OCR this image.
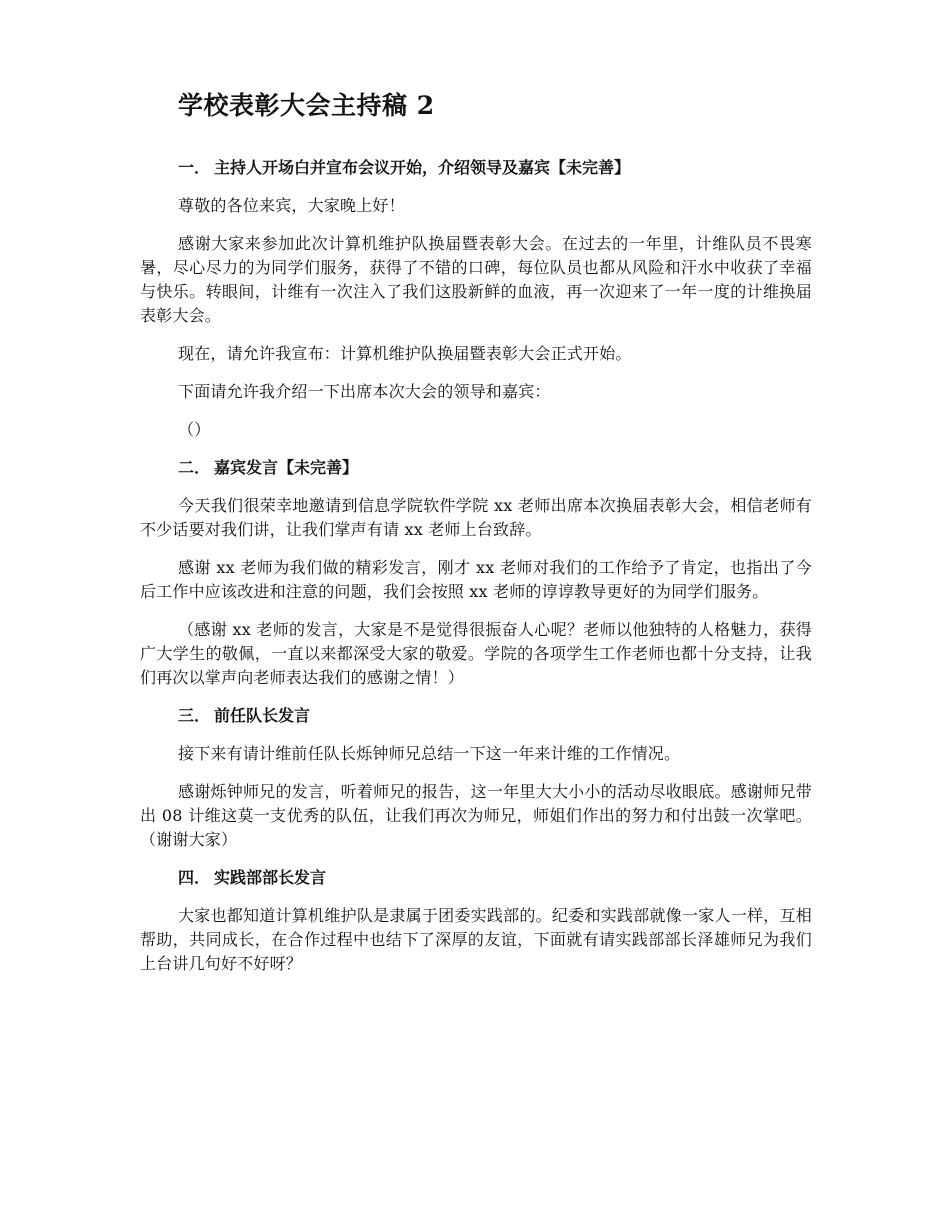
学校表彰大会主持稿 2
一． 主持人开场白并宣布会议开始，介绍领导及嘉宾【未完善】

尊敬的各位来宾，大家晚上好！

感谢大家来参加此次计算机维护队换届暨表彰大会。在过去的一年里，计维队员不畏寒暑，尽心尽力的为同学们服务，获得了不错的口碑，每位队员也都从风险和汗水中收获了幸福与快乐。转眼间，计维有一次注入了我们这股新鲜的血液，再一次迎来了一年一度的计维换届表彰大会。

现在，请允许我宣布：计算机维护队换届暨表彰大会正式开始。

下面请允许我介绍一下出席本次大会的领导和嘉宾：

（）

二． 嘉宾发言【未完善】

今天我们很荣幸地邀请到信息学院软件学院 xx 老师出席本次换届表彰大会，相信老师有不少话要对我们讲，让我们掌声有请 xx 老师上台致辞。

感谢 xx 老师为我们做的精彩发言，刚才 xx 老师对我们的工作给予了肯定，也指出了今后工作中应该改进和注意的问题，我们会按照 xx 老师的谆谆教导更好的为同学们服务。

（感谢 xx 老师的发言，大家是不是觉得很振奋人心呢？老师以他独特的人格魅力，获得广大学生的敬佩，一直以来都深受大家的敬爱。学院的各项学生工作老师也都十分支持，让我们再次以掌声向老师表达我们的感谢之情！）

三． 前任队长发言

接下来有请计维前任队长烁钟师兄总结一下这一年来计维的工作情况。

感谢烁钟师兄的发言，听着师兄的报告，这一年里大大小小的活动尽收眼底。感谢师兄带出 08 计维这莫一支优秀的队伍，让我们再次为师兄，师姐们作出的努力和付出鼓一次掌吧。（谢谢大家）

四． 实践部部长发言

大家也都知道计算机维护队是隶属于团委实践部的。纪委和实践部就像一家人一样，互相帮助，共同成长，在合作过程中也结下了深厚的友谊，下面就有请实践部部长泽雄师兄为我们上台讲几句好不好呀？
